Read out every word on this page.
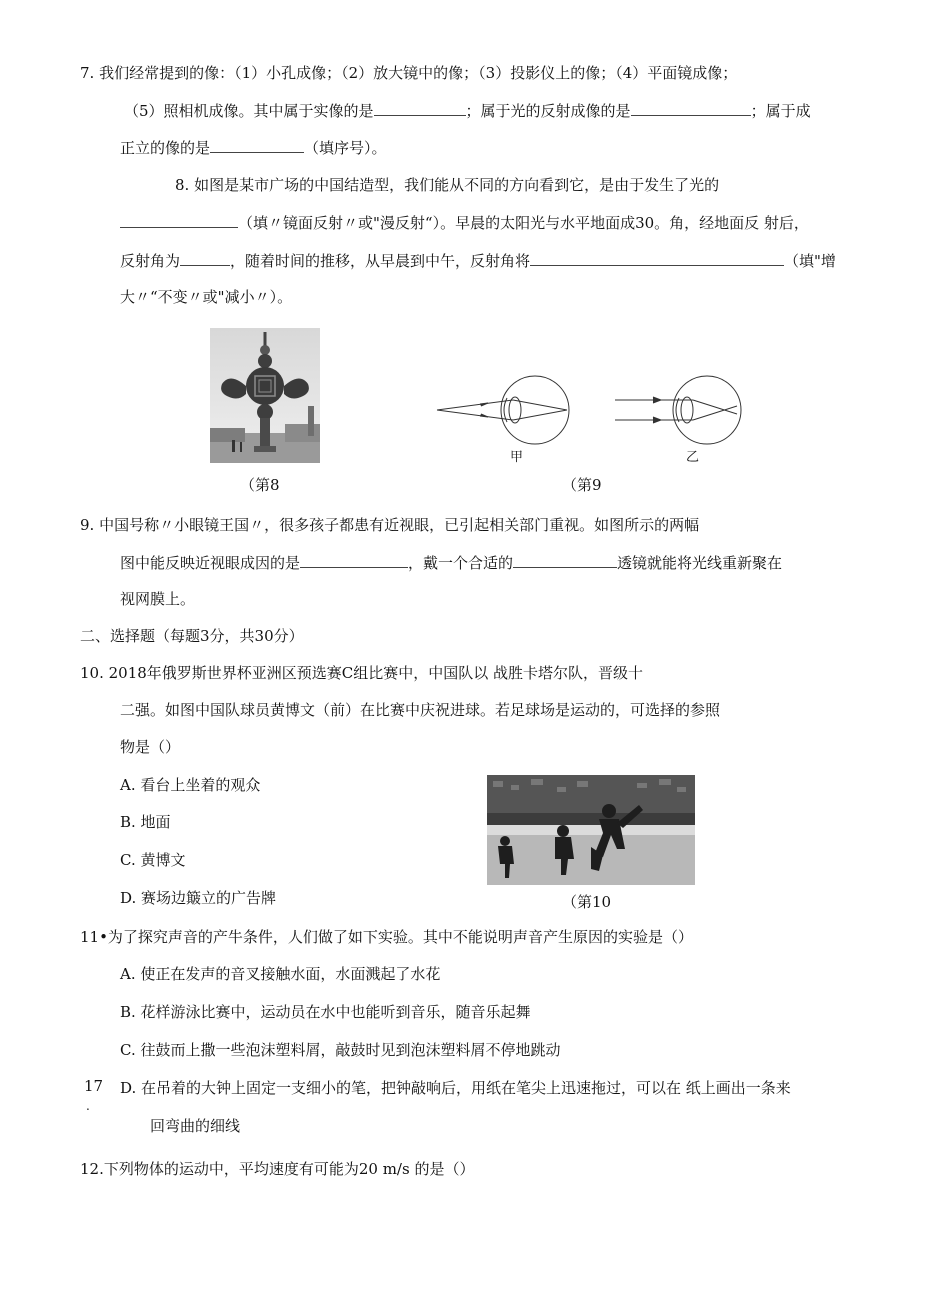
7. 我们经常提到的像：（1）小孔成像；（2）放大镜中的像；（3）投影仪上的像；（4）平面镜成像；
（5）照相机成像。其中属于实像的是	；属于光的反射成像的是	；属于成
正立的像的是	（填序号）。
8. 如图是某市广场的中国结造型，我们能从不同的方向看到它，是由于发生了光的
（填〃镜面反射〃或"漫反射“）。早晨的太阳光与水平地面成30。角，经地面反 射后，
反射角为	，随着时间的推移，从早晨到中午，反射角将	（填"增
大〃“不变〃或"减小〃）。
（第8
甲	乙
（第9
9. 中国号称〃小眼镜王国〃，很多孩子都患有近视眼，已引起相关部门重视。如图所示的两幅
图中能反映近视眼成因的是	，戴一个合适的	透镜就能将光线重新聚在
视网膜上。
二、选择题（每题3分，共30分）
10. 2018年俄罗斯世界杯亚洲区预选赛C组比赛中，中国队以 战胜卡塔尔队，晋级十
二强。如图中国队球员黄博文（前）在比赛中庆祝进球。若足球场是运动的，可选择的参照
物是（）
A. 看台上坐着的观众
B. 地面
C. 黄博文
D. 赛场边簸立的广告牌	（第10
11•为了探究声音的产牛条件，人们做了如下实验。其中不能说明声音产生原因的实验是（）
A. 使正在发声的音叉接触水面，水面溅起了水花
B. 花样游泳比赛中，运动员在水中也能听到音乐，随音乐起舞
C. 往鼓而上撒一些泡沫塑料屑，敲鼓时见到泡沫塑料屑不停地跳动
17
.
D. 在吊着的大钟上固定一支细小的笔，把钟敲响后，用纸在笔尖上迅速拖过，可以在 纸上画出一条来
回弯曲的细线
12.下列物体的运动中，平均速度有可能为20 m/s 的是（）
